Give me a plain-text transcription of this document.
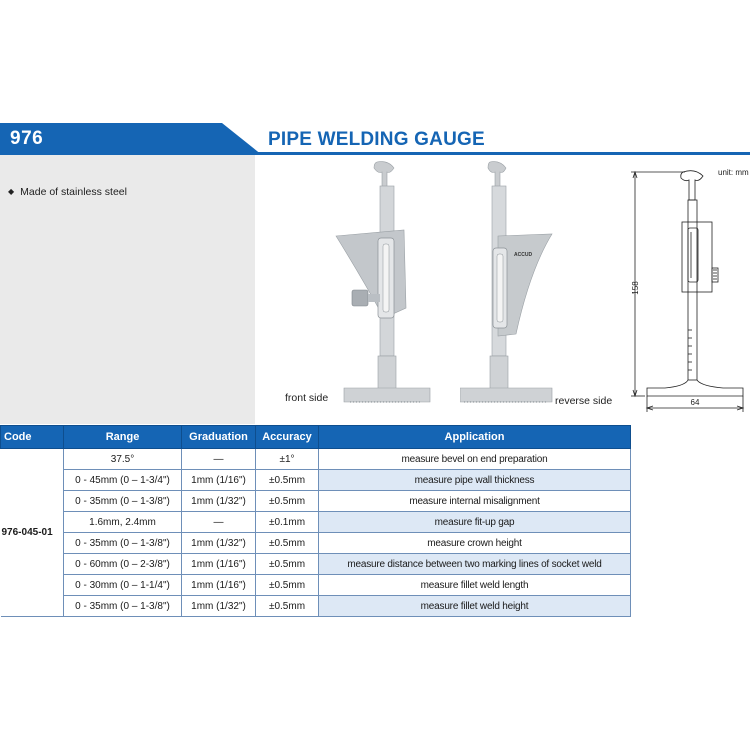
976	PIPE WELDING GAUGE
◆ Made of stainless steel
ACCUD
front side	reverse side
158
64
unit: mm
Code	Range	Graduation	Accuracy	Application
976-045-01	37.5°	—	±1°	measure bevel on end preparation
	0 - 45mm (0 – 1-3/4")	1mm (1/16")	±0.5mm	measure pipe wall thickness
	0 - 35mm (0 – 1-3/8")	1mm (1/32")	±0.5mm	measure internal misalignment
	1.6mm, 2.4mm	—	±0.1mm	measure fit-up gap
	0 - 35mm (0 – 1-3/8")	1mm (1/32")	±0.5mm	measure crown height
	0 - 60mm (0 – 2-3/8")	1mm (1/16")	±0.5mm	measure distance between two marking lines of socket weld
	0 - 30mm (0 – 1-1/4")	1mm (1/16")	±0.5mm	measure fillet weld length
	0 - 35mm (0 – 1-3/8")	1mm (1/32")	±0.5mm	measure fillet weld height
